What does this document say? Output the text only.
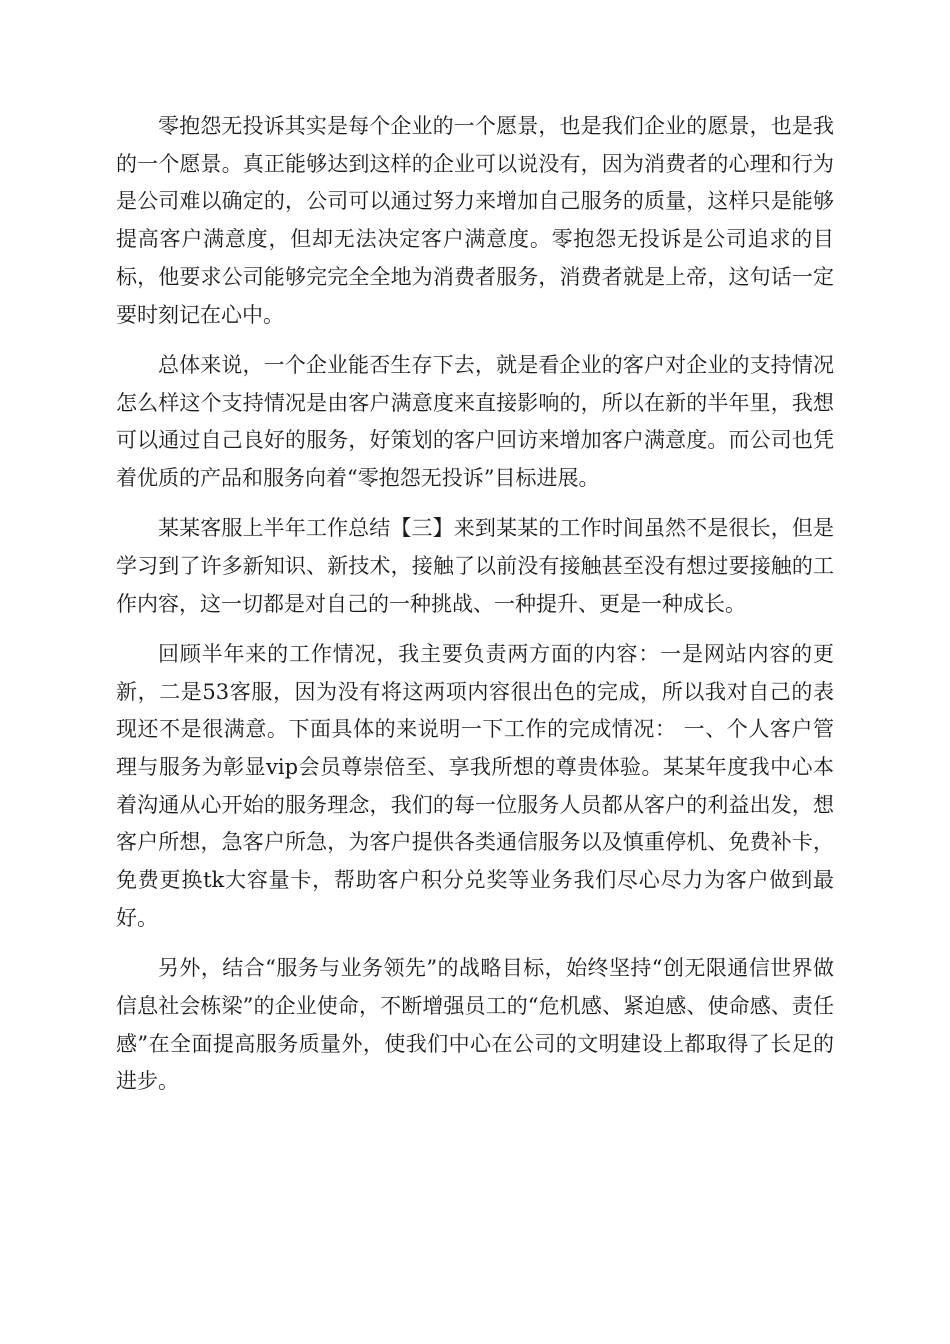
零抱怨无投诉其实是每个企业的一个愿景，也是我们企业的愿景，也是我的一个愿景。真正能够达到这样的企业可以说没有，因为消费者的心理和行为是公司难以确定的，公司可以通过努力来增加自己服务的质量，这样只是能够提高客户满意度，但却无法决定客户满意度。零抱怨无投诉是公司追求的目标，他要求公司能够完完全全地为消费者服务，消费者就是上帝，这句话一定要时刻记在心中。

总体来说，一个企业能否生存下去，就是看企业的客户对企业的支持情况怎么样这个支持情况是由客户满意度来直接影响的，所以在新的半年里，我想可以通过自己良好的服务，好策划的客户回访来增加客户满意度。而公司也凭着优质的产品和服务向着“零抱怨无投诉”目标进展。

某某客服上半年工作总结【三】来到某某的工作时间虽然不是很长，但是学习到了许多新知识、新技术，接触了以前没有接触甚至没有想过要接触的工作内容，这一切都是对自己的一种挑战、一种提升、更是一种成长。

回顾半年来的工作情况，我主要负责两方面的内容：一是网站内容的更新，二是53客服，因为没有将这两项内容很出色的完成，所以我对自己的表现还不是很满意。下面具体的来说明一下工作的完成情况： 一、个人客户管理与服务为彰显vip会员尊崇倍至、享我所想的尊贵体验。某某年度我中心本着沟通从心开始的服务理念，我们的每一位服务人员都从客户的利益出发，想客户所想，急客户所急，为客户提供各类通信服务以及慎重停机、免费补卡，免费更换tk大容量卡，帮助客户积分兑奖等业务我们尽心尽力为客户做到最好。

另外，结合“服务与业务领先”的战略目标，始终坚持“创无限通信世界做信息社会栋梁”的企业使命，不断增强员工的“危机感、紧迫感、使命感、责任感”在全面提高服务质量外，使我们中心在公司的文明建设上都取得了长足的进步。
